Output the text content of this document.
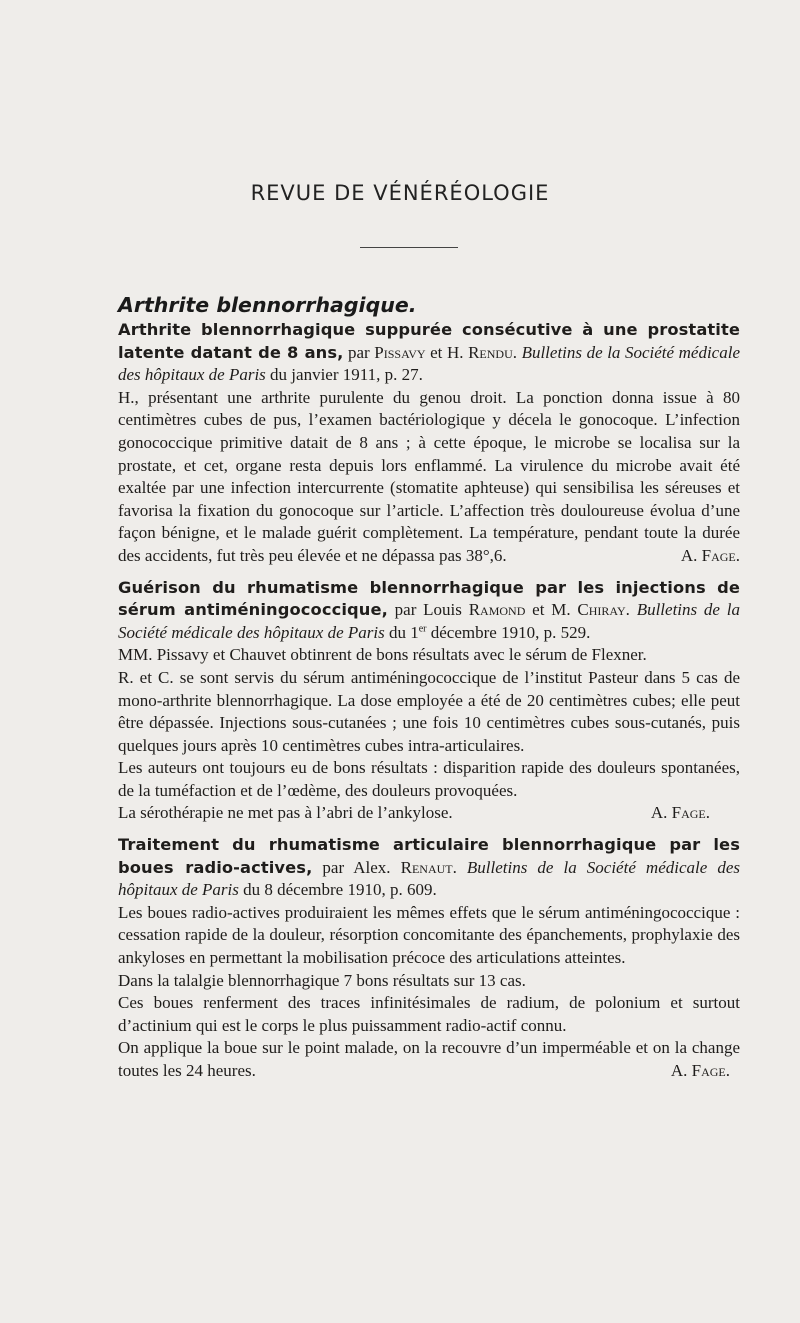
REVUE DE VÉNÉRÉOLOGIE
Arthrite blennorrhagique.

Arthrite blennorrhagique suppurée consécutive à une prostatite latente datant de 8 ans, par Pissavy et H. Rendu. Bulletins de la Société médicale des hôpitaux de Paris du janvier 1911, p. 27.

H., présentant une arthrite purulente du genou droit. La ponction donna issue à 80 centimètres cubes de pus, l’examen bactériologique y décela le gonocoque. L’infection gonococcique primitive datait de 8 ans ; à cette époque, le microbe se localisa sur la prostate, et cet, organe resta depuis lors enflammé. La virulence du microbe avait été exaltée par une infection intercurrente (stomatite aphteuse) qui sensibilisa les séreuses et favorisa la fixation du gonocoque sur l’article. L’affection très douloureuse évolua d’une façon bénigne, et le malade guérit complètement. La température, pendant toute la durée des accidents, fut très peu élevée et ne dépassa pas 38°,6.	A. Fage.

Guérison du rhumatisme blennorrhagique par les injections de sérum antiméningococcique, par Louis Ramond et M. Chiray. Bulletins de la Société médicale des hôpitaux de Paris du 1er décembre 1910, p. 529.

MM. Pissavy et Chauvet obtinrent de bons résultats avec le sérum de Flexner.

R. et C. se sont servis du sérum antiméningococcique de l’institut Pasteur dans 5 cas de mono-arthrite blennorrhagique. La dose employée a été de 20 centimètres cubes; elle peut être dépassée. Injections sous-cutanées ; une fois 10 centimètres cubes sous-cutanés, puis quelques jours après 10 centimètres cubes intra-articulaires.

Les auteurs ont toujours eu de bons résultats : disparition rapide des douleurs spontanées, de la tuméfaction et de l’œdème, des douleurs provoquées.

La sérothérapie ne met pas à l’abri de l’ankylose.	A. Fage.

Traitement du rhumatisme articulaire blennorrhagique par les boues radio-actives, par Alex. Renaut. Bulletins de la Société médicale des hôpitaux de Paris du 8 décembre 1910, p. 609.

Les boues radio-actives produiraient les mêmes effets que le sérum antiméningococcique : cessation rapide de la douleur, résorption concomitante des épanchements, prophylaxie des ankyloses en permettant la mobilisation précoce des articulations atteintes.

Dans la talalgie blennorrhagique 7 bons résultats sur 13 cas.

Ces boues renferment des traces infinitésimales de radium, de polonium et surtout d’actinium qui est le corps le plus puissamment radio-actif connu.

On applique la boue sur le point malade, on la recouvre d’un imperméable et on la change toutes les 24 heures.	A. Fage.
